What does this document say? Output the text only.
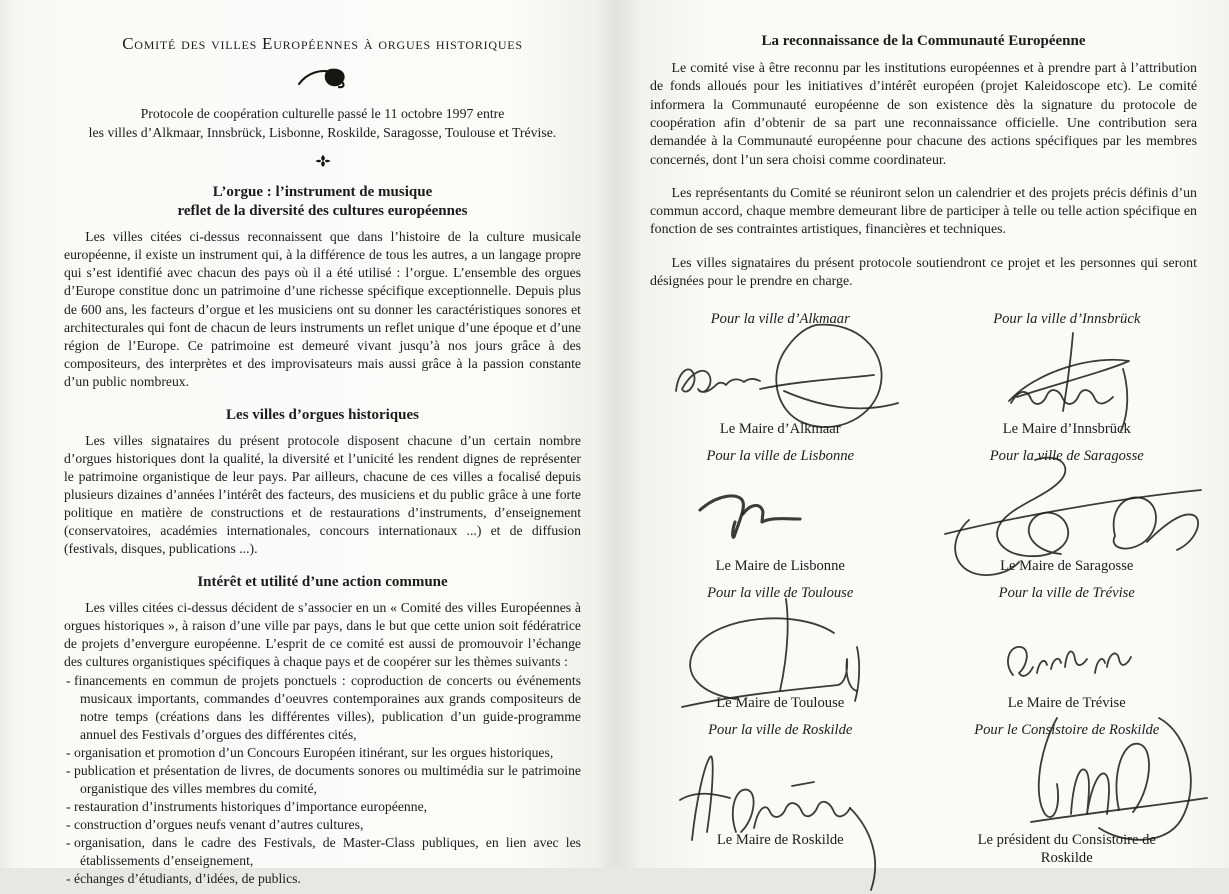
Comité des villes Européennes à orgues historiques
Protocole de coopération culturelle passé le 11 octobre 1997 entre
les villes d’Alkmaar, Innsbrück, Lisbonne, Roskilde, Saragosse, Toulouse et Trévise.
L’orgue : l’instrument de musique
reflet de la diversité des cultures européennes

Les villes citées ci-dessus reconnaissent que dans l’histoire de la culture musicale européenne, il existe un instrument qui, à la différence de tous les autres, a un langage propre qui s’est identifié avec chacun des pays où il a été utilisé : l’orgue. L’ensemble des orgues d’Europe constitue donc un patrimoine d’une richesse spécifique exceptionnelle. Depuis plus de 600 ans, les facteurs d’orgue et les musiciens ont su donner les caractéristiques sonores et architecturales qui font de chacun de leurs instruments un reflet unique d’une époque et d’une région de l’Europe. Ce patrimoine est demeuré vivant jusqu’à nos jours grâce à des compositeurs, des interprètes et des improvisateurs mais aussi grâce à la passion constante d’un public nombreux.

Les villes d’orgues historiques

Les villes signataires du présent protocole disposent chacune d’un certain nombre d’orgues historiques dont la qualité, la diversité et l’unicité les rendent dignes de représenter le patrimoine organistique de leur pays. Par ailleurs, chacune de ces villes a focalisé depuis plusieurs dizaines d’années l’intérêt des facteurs, des musiciens et du public grâce à une forte politique en matière de constructions et de restaurations d’instruments, d’enseignement (conservatoires, académies internationales, concours internationaux ...) et de diffusion (festivals, disques, publications ...).

Intérêt et utilité d’une action commune

Les villes citées ci-dessus décident de s’associer en un « Comité des villes Européennes à orgues historiques », à raison d’une ville par pays, dans le but que cette union soit fédératrice de projets d’envergure européenne. L’esprit de ce comité est aussi de promouvoir l’échange des cultures organistiques spécifiques à chaque pays et de coopérer sur les thèmes suivants :

- financements en commun de projets ponctuels : coproduction de concerts ou événements musicaux importants, commandes d’oeuvres contemporaines aux grands compositeurs de notre temps (créations dans les différentes villes), publication d’un guide-programme annuel des Festivals d’orgues des différentes cités,
- organisation et promotion d’un Concours Européen itinérant, sur les orgues historiques,
- publication et présentation de livres, de documents sonores ou multimédia sur le patrimoine organistique des villes membres du comité,
- restauration d’instruments historiques d’importance européenne,
- construction d’orgues neufs venant d’autres cultures,
- organisation, dans le cadre des Festivals, de Master-Class publiques, en lien avec les établissements d’enseignement,
- échanges d’étudiants, d’idées, de publics.
La reconnaissance de la Communauté Européenne

Le comité vise à être reconnu par les institutions européennes et à prendre part à l’attribution de fonds alloués pour les initiatives d’intérêt européen (projet Kaleidoscope etc). Le comité informera la Communauté européenne de son existence dès la signature du protocole de coopération afin d’obtenir de sa part une reconnaissance officielle. Une contribution sera demandée à la Communauté européenne pour chacune des actions spécifiques par les membres concernés, dont l’un sera choisi comme coordinateur.

Les représentants du Comité se réuniront selon un calendrier et des projets précis définis d’un commun accord, chaque membre demeurant libre de participer à telle ou telle action spécifique en fonction de ses contraintes artistiques, financières et techniques.

Les villes signataires du présent protocole soutiendront ce projet et les personnes qui seront désignées pour le prendre en charge.

Pour la ville d’Alkmaar
Le Maire d’Alkmaar
Pour la ville d’Innsbrück
Le Maire d’Innsbrück
Pour la ville de Lisbonne
Le Maire de Lisbonne
Pour la ville de Saragosse
Le Maire de Saragosse
Pour la ville de Toulouse
Le Maire de Toulouse
Pour la ville de Trévise
Le Maire de Trévise
Pour la ville de Roskilde
Le Maire de Roskilde
Pour le Consistoire de Roskilde
Le président du Consistoire de Roskilde
